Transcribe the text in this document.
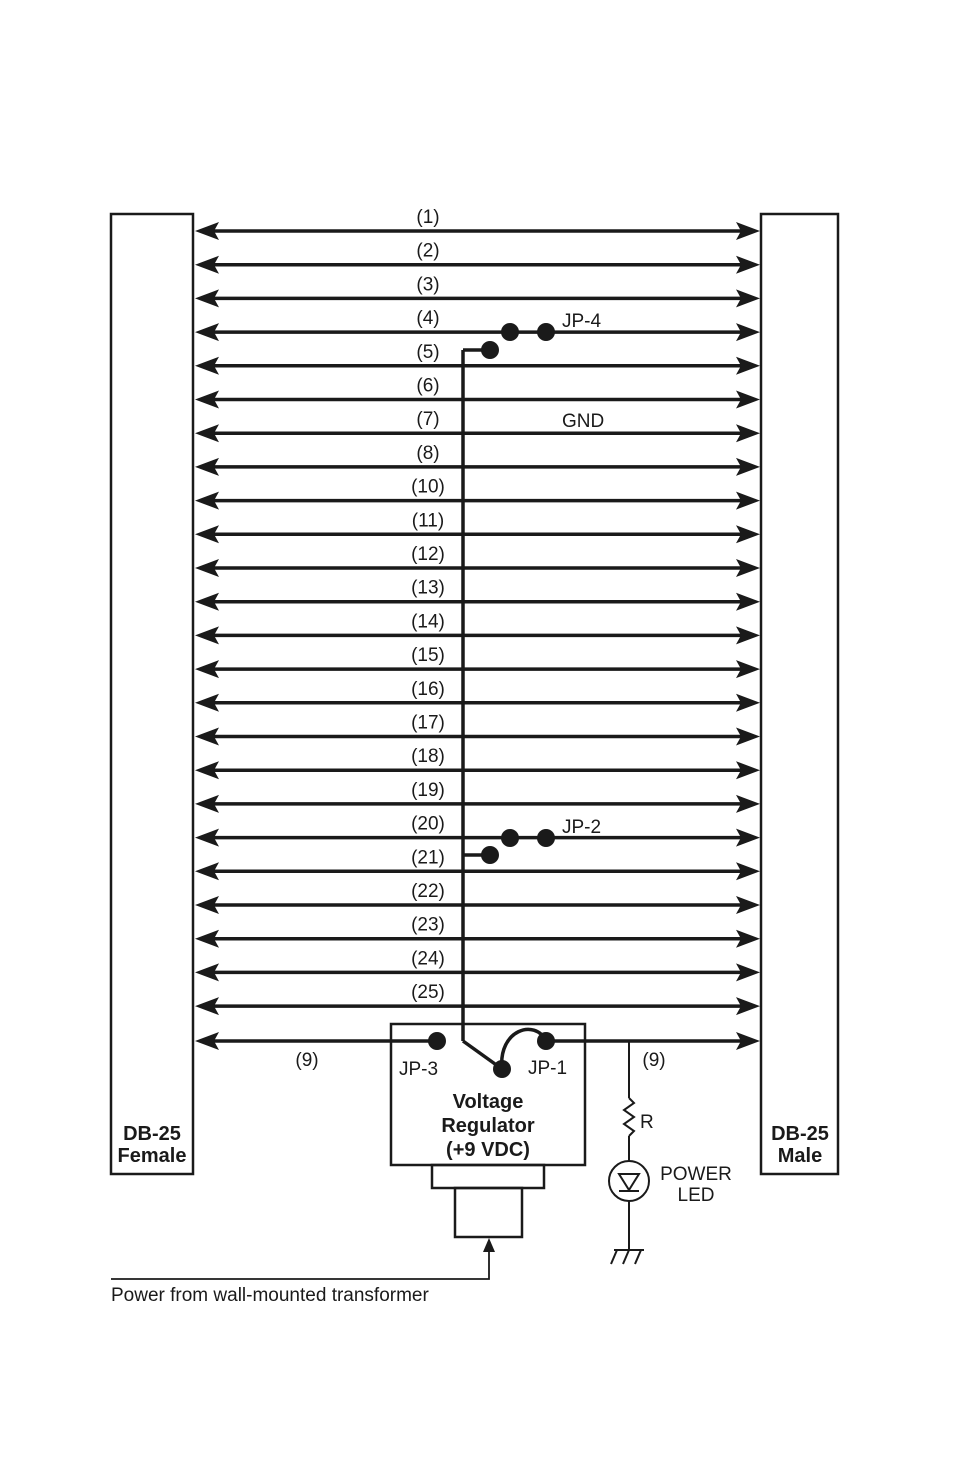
DB-25
Female
DB-25
Male
(1)
(2)
(3)
(4)
(5)
(6)
(7)
(8)
(10)
(11)
(12)
(13)
(14)
(15)
(16)
(17)
(18)
(19)
(20)
(21)
(22)
(23)
(24)
(25)
(9)	(9)
JP-4
GND
JP-2
JP-3	JP-1
Voltage
Regulator
(+9 VDC)
Power from wall-mounted transformer
R
POWER
LED
